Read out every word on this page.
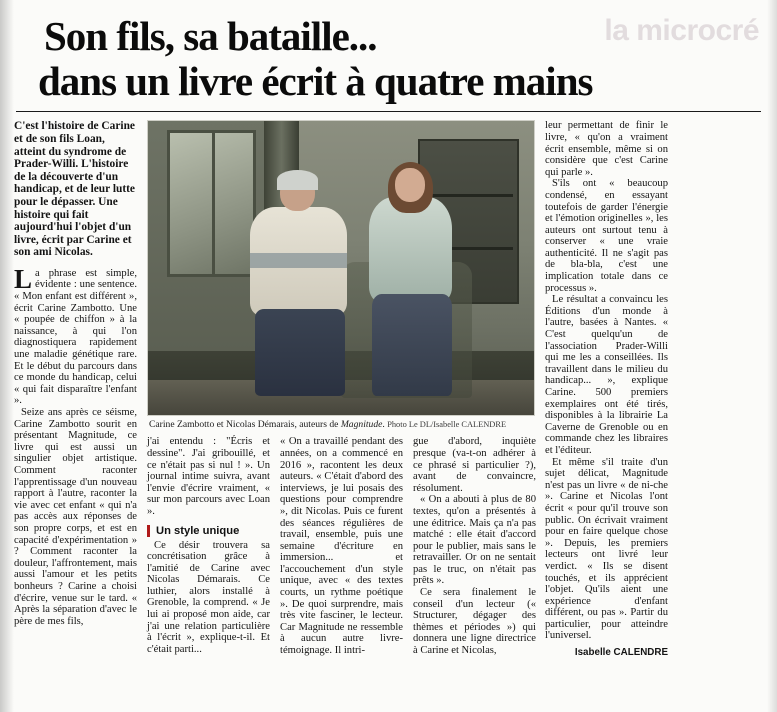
la microcré
Son fils, sa bataille...
dans un livre écrit à quatre mains
C'est l'histoire de Carine et de son fils Loan, atteint du syndrome de Prader-Willi. L'histoire de la découverte d'un handicap, et de leur lutte pour le dépasser. Une histoire qui fait aujourd'hui l'objet d'un livre, écrit par Carine et son ami Nicolas.

La phrase est simple, évidente : une sentence. « Mon enfant est différent », écrit Carine Zambotto. Une « poupée de chiffon » à la naissance, à qui l'on diagnostiquera rapidement une maladie génétique rare. Et le début du parcours dans ce monde du handicap, celui « qui fait disparaître l'enfant ».

Seize ans après ce séisme, Carine Zambotto sourit en présentant Magnitude, ce livre qui est aussi un singulier objet artistique. Comment raconter l'apprentissage d'un nouveau rapport à l'autre, raconter la vie avec cet enfant « qui n'a pas accès aux réponses de son propre corps, et est en capacité d'expérimentation » ? Comment raconter la douleur, l'affrontement, mais aussi l'amour et les petits bonheurs ? Carine a choisi d'écrire, venue sur le tard. « Après la séparation d'avec le père de mes fils,

Carine Zambotto et Nicolas Démarais, auteurs de Magnitude. Photo Le DL/Isabelle CALENDRE

j'ai entendu : "Écris et dessine". J'ai gribouillé, et ce n'était pas si nul ! ». Un journal intime suivra, avant l'envie d'écrire vraiment, « sur mon parcours avec Loan ».

Un style unique

Ce désir trouvera sa concrétisation grâce à l'amitié de Carine avec Nicolas Démarais. Ce luthier, alors installé à Grenoble, la comprend. « Je lui ai proposé mon aide, car j'ai une relation particulière à l'écrit », explique-t-il. Et c'était parti...

« On a travaillé pendant des années, on a commencé en 2016 », racontent les deux auteurs. « C'était d'abord des interviews, je lui posais des questions pour comprendre », dit Nicolas. Puis ce furent des séances régulières de travail, ensemble, puis une semaine d'écriture en immersion... et l'accouchement d'un style unique, avec « des textes courts, un rythme poétique ». De quoi surprendre, mais très vite fasciner, le lecteur. Car Magnitude ne ressemble à aucun autre livre-témoignage. Il intri-

gue d'abord, inquiète presque (va-t-on adhérer à ce phrasé si particulier ?), avant de convaincre, résolument.

« On a abouti à plus de 80 textes, qu'on a présentés à une éditrice. Mais ça n'a pas matché : elle était d'accord pour le publier, mais sans le retravailler. Or on ne sentait pas le truc, on n'était pas prêts ».

Ce sera finalement le conseil d'un lecteur (« Structurer, dégager des thèmes et périodes ») qui donnera une ligne directrice à Carine et Nicolas,

leur permettant de finir le livre, « qu'on a vraiment écrit ensemble, même si on considère que c'est Carine qui parle ».

S'ils ont « beaucoup condensé, en essayant toutefois de garder l'énergie et l'émotion originelles », les auteurs ont surtout tenu à conserver « une vraie authenticité. Il ne s'agit pas de bla-bla, c'est une implication totale dans ce processus ».

Le résultat a convaincu les Éditions d'un monde à l'autre, basées à Nantes. « C'est quelqu'un de l'association Prader-Willi qui me les a conseillées. Ils travaillent dans le milieu du handicap... », explique Carine. 500 premiers exemplaires ont été tirés, disponibles à la librairie La Caverne de Grenoble ou en commande chez les libraires et l'éditeur.

Et même s'il traite d'un sujet délicat, Magnitude n'est pas un livre « de ni-che ». Carine et Nicolas l'ont écrit « pour qu'il trouve son public. On écrivait vraiment pour en faire quelque chose ». Depuis, les premiers lecteurs ont livré leur verdict. « Ils se disent touchés, et ils apprécient l'objet. Qu'ils aient une expérience d'enfant différent, ou pas ». Partir du particulier, pour atteindre l'universel.

Isabelle CALENDRE
